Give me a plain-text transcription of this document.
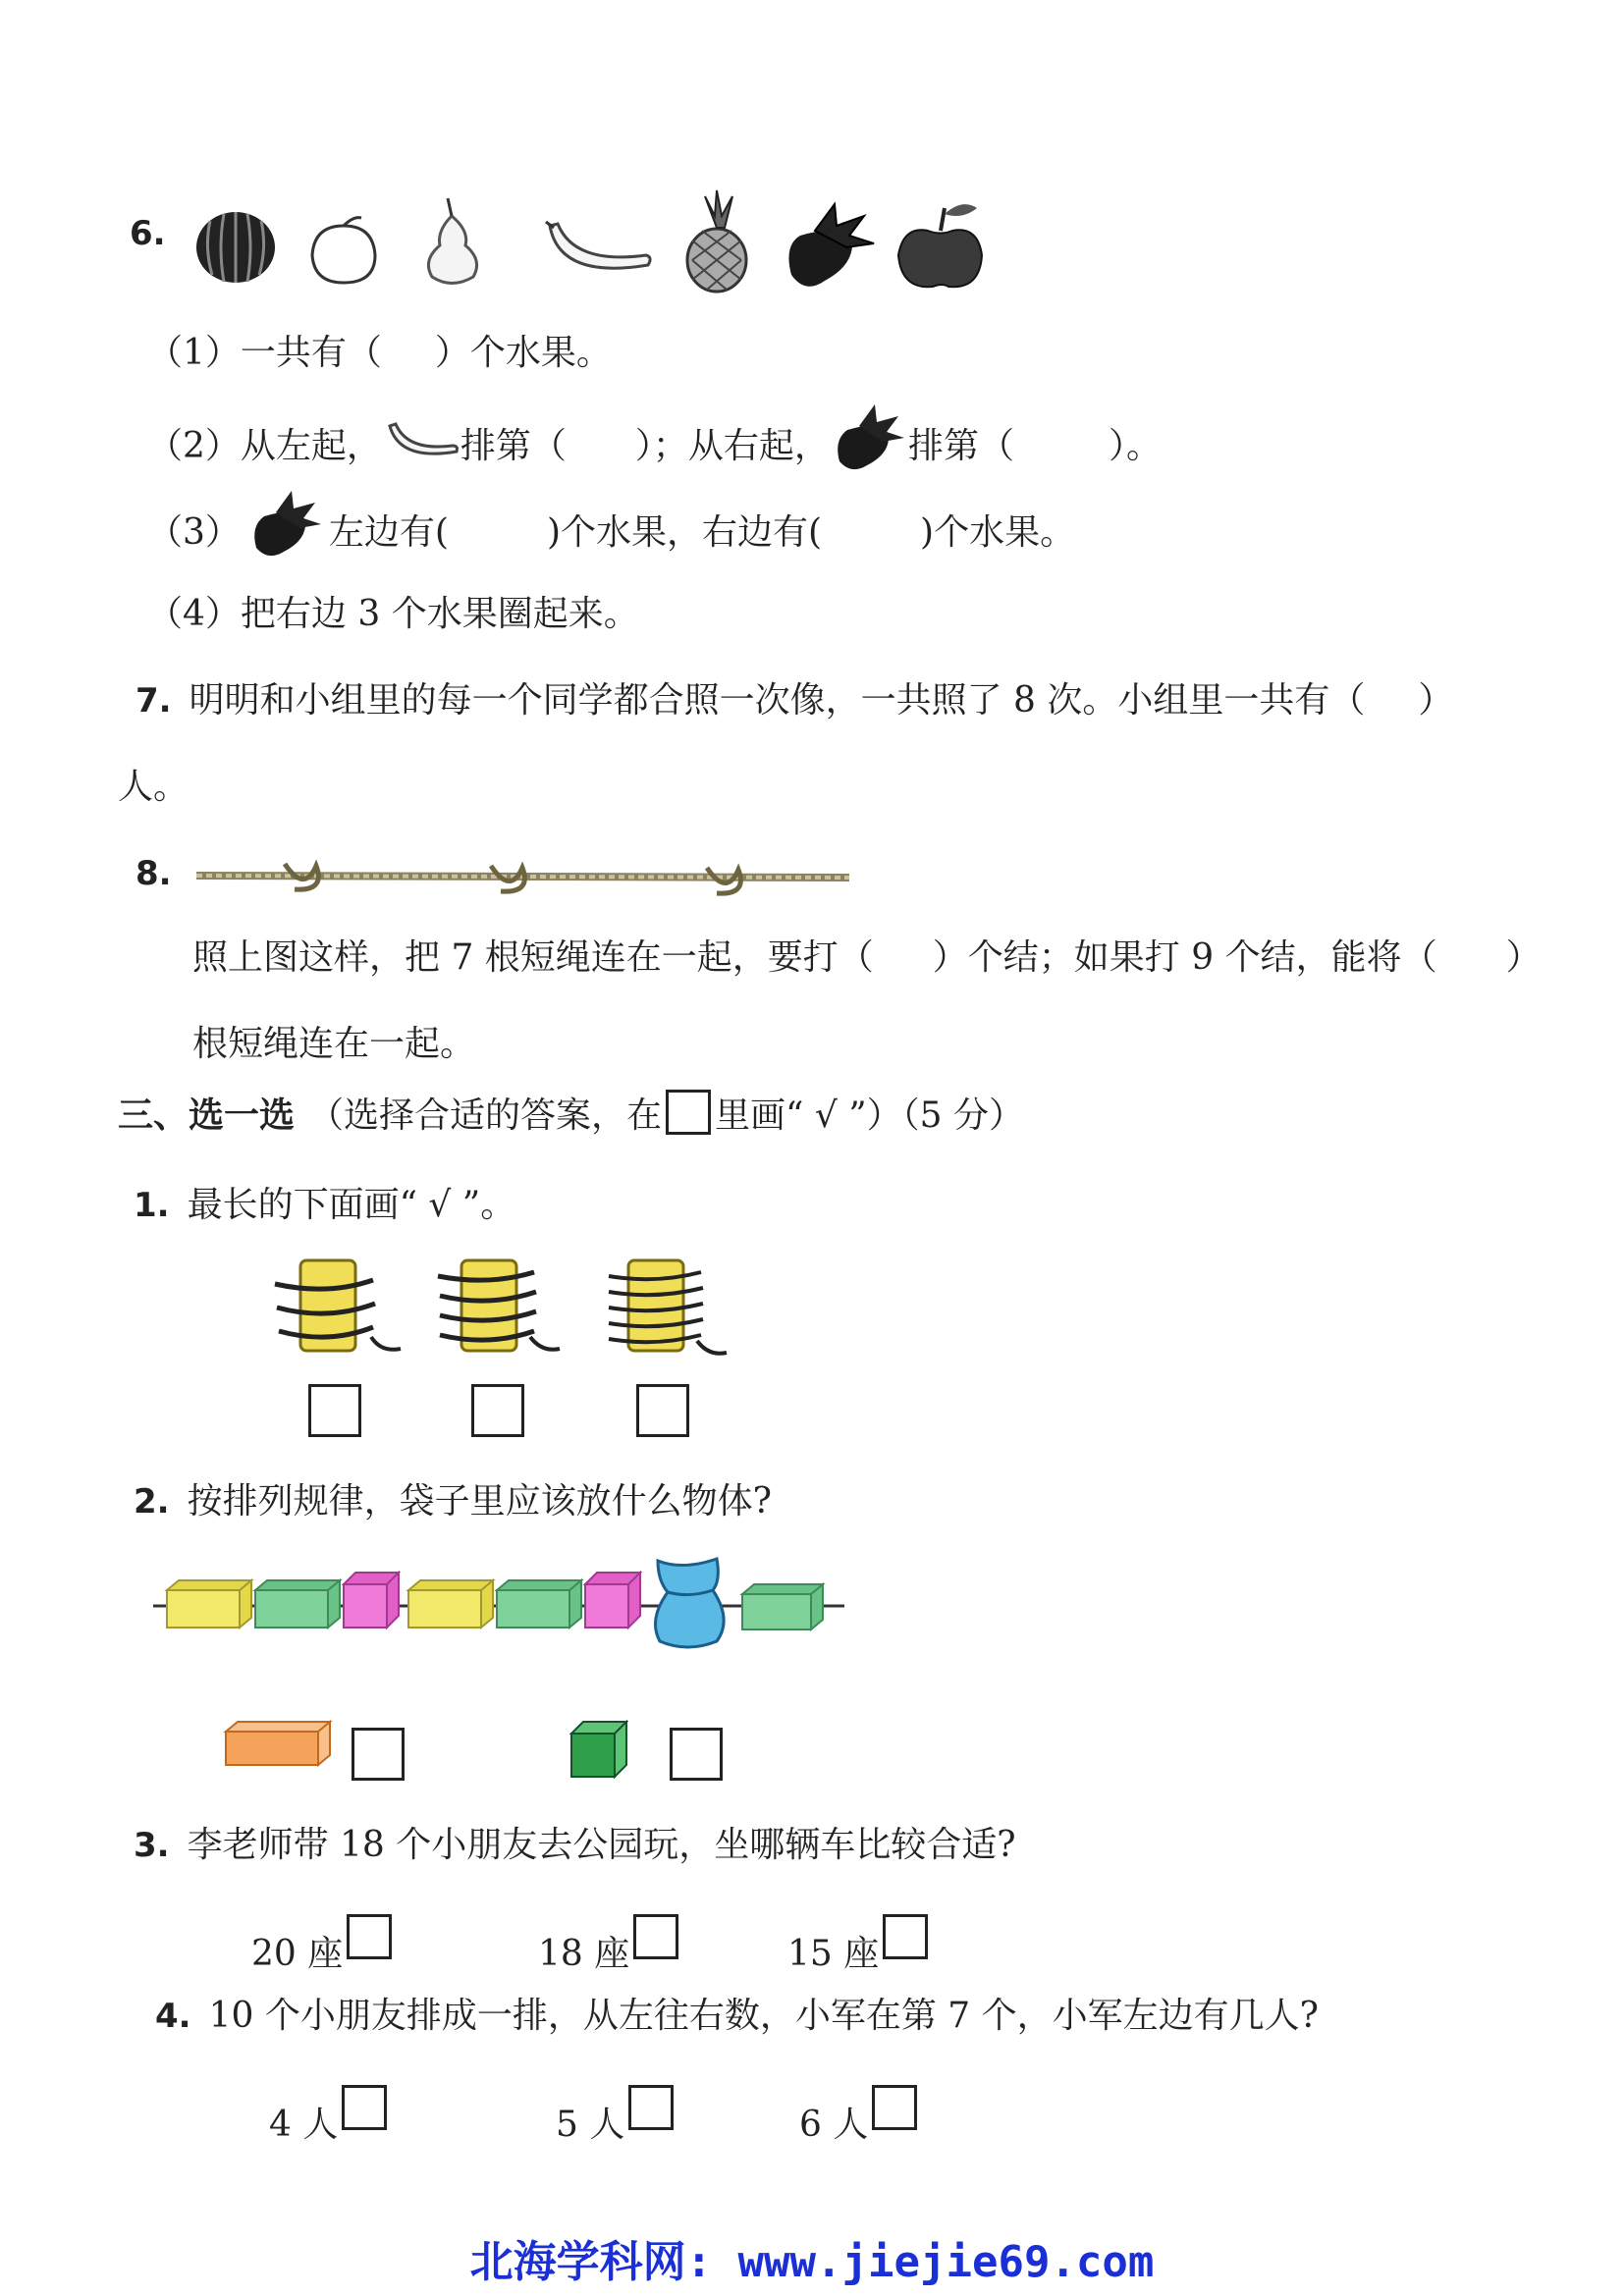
6.
（1）一共有（ ）个水果。
（2）从左起， 排第（ ）；从右起， 排第（	）。
（3）	左边有(	)个水果，右边有(	)个水果。
（4）把右边 3 个水果圈起来。
7. 明明和小组里的每一个同学都合照一次像，一共照了 8 次。小组里一共有（ ）
人。
8.
照上图这样，把 7 根短绳连在一起，要打（ ）个结；如果打 9 个结，能将（ ）
根短绳连在一起。
三、选一选 （选择合适的答案，在 里画“ √ ”）（5 分）
1. 最长的下面画“ √ ”。
2. 按排列规律，袋子里应该放什么物体?
3. 李老师带 18 个小朋友去公园玩，坐哪辆车比较合适?
20 座	18 座	15 座
4. 10 个小朋友排成一排，从左往右数，小军在第 7 个，小军左边有几人?
4 人	5 人	6 人
北海学科网: www.jiejie69.com
